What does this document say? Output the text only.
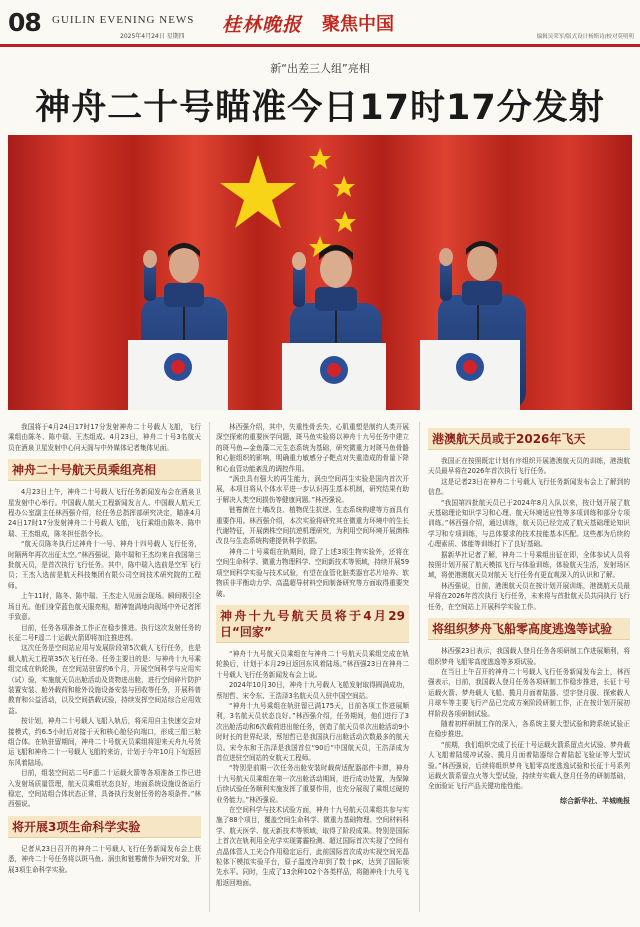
08 GUILIN EVENING NEWS
2025年4月24日 星期四
桂林晚报 聚焦中国
编辑吴荣军/版式设计杨斯诗/校对莫明明
新“出差三人组”亮相
神舟二十号瞄准今日17时17分发射

我国将于4月24日17时17分发射神舟二十号载人飞船，飞行乘组由陈冬、陈中瑞、王杰组成。4月23日，神舟二十号3名航天员在酒泉卫星发射中心问天阁与中外媒体记者集体见面。

神舟二十号航天员乘组亮相

4月23日上午，神舟二十号载人飞行任务新闻发布会在酒泉卫星发射中心举行。中国载人航天工程新闻发言人、中国载人航天工程办公室副主任林西强介绍，经任务总指挥部研究决定，瞄准4月24日17时17分发射神舟二十号载人飞船，飞行乘组由陈冬、陈中瑞、王杰组成，陈冬担任指令长。

“航天员陈冬执行过神舟十一号、神舟十四号载人飞行任务，时隔两年再次出征太空。”林西强说，陈中瑞和王杰均来自我国第三批航天员，是首次执行飞行任务。其中，陈中瑞入选前是空军飞行员；王杰入选前是航天科技集团有限公司空间技术研究院的工程师。

上午11时，陈冬、陈中瑞、王杰走入见面会现场。瞬间吸引全场目光。他们身穿蓝色航天服亮相，精神饱满地向现场中外记者挥手致意。

目前，任务各项准备工作正在稳步推进。执行这次发射任务的长征二号F遥二十运载火箭即将加注推进剂。

这次任务是空间站应用与发展阶段第5次载人飞行任务，也是载人航天工程第35次飞行任务。任务主要目的是：与神舟十九号乘组完成在轨轮换，在空间站驻留约6个月，开展空间科学与应用实（试）验，实施航天员出舱活动及货物进出舱，进行空间碎片防护装置安装、舱外载荷和舱外设施设备安装与回收等任务，开展科普教育和公益活动，以及空间搭载试验，持续发挥空间站综合应用效益。

按计划，神舟二十号载人飞船入轨后，将采用自主快速交会对接模式，约6.5小时后对接于天和核心舱径向端口，形成三船三舱组合体。在轨驻留期间，神舟二十号航天员乘组将迎来天舟九号货运飞船和神舟二十一号载人飞船的来访，计划于今年10月下旬返回东风着陆场。

目前，组装空间站二号F遥二十运载火箭等各项准备工作已进入发射场质量管理，航天员乘组状态良好，地面系统设施设备运行稳定，空间站组合体状态正常，具备执行发射任务的各项条件。”林西强说。

将开展3项生命科学实验

记者从23日召开的神舟二十号载人飞行任务新闻发布会上获悉，神舟二十号任务将以斑马鱼、涡虫和链霉菌作为研究对象，开展3项生命科学实验。

林西强介绍，其中，失重性骨丢失、心肌重塑是制约人类开展深空探索的重要医学问题，斑马鱼实验将以神舟十九号任务中建立的斑马鱼—金鱼藻二元生态系统为基础，研究微重力对斑马鱼骨骼和心脏组织的影响，明确重力敏感分子靶点对失重造成的骨量下降和心血管功能紊乱的调控作用。

“涡虫具有强大的再生能力，涡虫空间再生实验是国内首次开展，本项目将从个体水平进一步认识再生基本机制，研究结果有助于解决人类空间损伤等健康问题。”林西强说。

链霉菌在土壤改良、植物促生抗逆、生态系统构建等方面具有重要作用。林西强介绍，本次实验将研究其在微重力环境中的生长代谢特征，开展菌株空间抗逆机理研究，为利用空间环境开展菌株改良与生态系统构建提供科学依据。

神舟二十号乘组在轨期间，除了上述3项生物实验外，还将在空间生命科学、微重力物理科学、空间新技术等领域，持续开展59项空间科学实验与技术试验，有望在血管化脏类器官芯片培养、软物质非平衡动力学、高温超导材料空间制备研究等方面取得重要突破。

神舟十九号航天员将于4月29日“回家”

“神舟十九号航天员乘组在与神舟二十号航天员乘组完成在轨轮换后，计划于本月29日返回东风着陆场。”林西强23日在神舟二十号载人飞行任务新闻发布会上说。

2024年10月30日，神舟十九号载人飞船发射取得圆满成功，蔡旭哲、宋令东、王浩泽3名航天员入驻中国空间站。

“神舟十九号乘组在轨驻留已满175天，目前各项工作进展顺利，3名航天员状态良好。”林西强介绍，任务期间，他们进行了3次出舱活动和6次载荷进出舱任务，创造了航天员单次出舱活动9小时时长的世界纪录，蔡旭哲已是我国执行出舱活动次数最多的航天员。宋令东和王浩泽是我国首位“90后”中国航天员，王浩泽成为首位进驻空间站的女航天工程师。

“特别是前期一次任务出舱安装时载荷适配器部件卡滞，神舟十九号航天员乘组在第一次出舱活动期间，进行成功处置，为保障后续试验任务顺利实施发挥了重要作用，也充分展现了乘组过硬的业务能力。”林西强说。

在空间科学与技术试验方面，神舟十九号航天员乘组共参与实施了88个项目，覆盖空间生命科学、微重力基础物理、空间材料科学、航天医学、航天新技术等领域，取得了阶段成果。特别是国际上首次在轨利用全光学实现雾霾检测、超过国际首次实现了空间有点晶体管人工光合作用稳定运行，此前国际首次成功实现空间光晶粒体下模拟实验平台，原子温度冷却到了数十pK，达到了国际领先水平。同时，生成了13余种102个各类样品，将随神舟十九号飞船返回地面。

港澳航天员或于2026年飞天

我国正在按照既定计划有序组织开展港澳航天员的训练，港澳航天员最早将在2026年首次执行飞行任务。

这是记者23日在神舟二十号载人飞行任务新闻发布会上了解到的信息。

“我国第四批航天员已于2024年8月入队以来，按计划开展了航天基础理论知识学习和心理、航天环境适应性等多项训练和部分专项训练。”林西强介绍，通过训练，航天员已经完成了航天基础理论知识学习和专项训练，与总体要求的技术技能基本匹配。这些都为后续的心理素质、体能等训练打下了良好基础。

据新华社记者了解，神舟二十号乘组出征在即，全体参试人员将按照计划开展了航天模拟飞行与体验训练，体验航天生活，发射场区域，将使港澳航天员对航天飞行任务有更直观深入的认识和了解。

林西强说，目前，港澳航天员在按计划开展训练，港澳航天员最早将在2026年首次执行飞行任务，未来将与首批航天员共同执行飞行任务，在空间站上开展科学实验工作。

将组织梦舟飞船零高度逃逸等试验

林西强23日表示，我国载人登月任务各项研制工作进展顺利，将组织梦舟飞船零高度逃逸等多项试验。

在当日上午召开的神舟二十号载人飞行任务新闻发布会上，林西强表示，目前，我国载人登月任务各项研制工作稳步推进，长征十号运载火箭、梦舟载人飞船、揽月月面着陆器、望宇登月服、探索载人月球车等主要飞行产品已完成方案阶段研制工作，正在按计划开展初样阶段各项研制试验。

随着初样研制工作的深入，各系统主要大型试验和跨系统试验正在稳步推进。

“前期，我们组织完成了长征十号运载火箭系留点火试验、梦舟载人飞船着陆缓冲试验、揽月月面着陆器综合着陆起飞验证等大型试验。”林西强说，后续将组织梦舟飞船零高度逃逸试验和长征十号系列运载火箭系留点火等大型试验，持续夯实载人登月任务的研制基础，全面验证飞行产品关键功能性能。

综合新华社、羊城晚报
